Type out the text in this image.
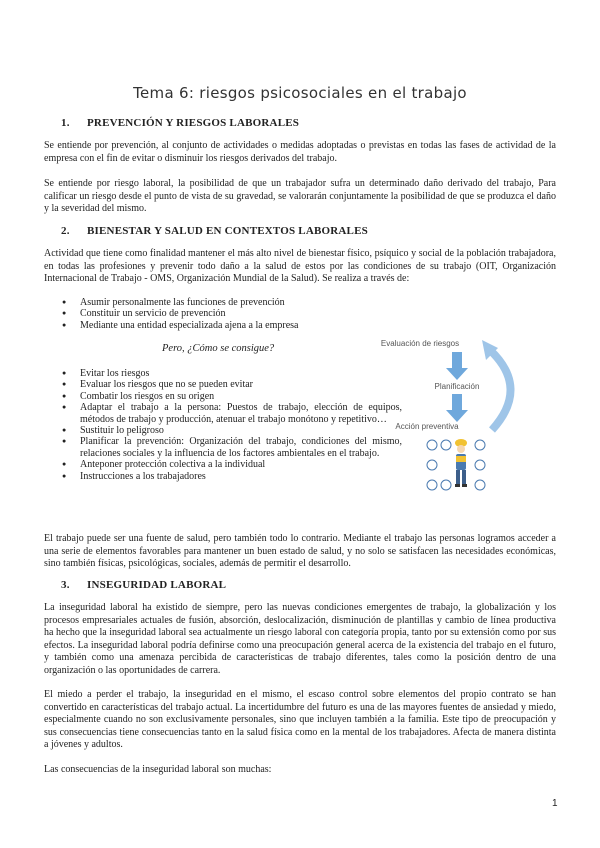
Tema 6: riesgos psicosociales en el trabajo
1. PREVENCIÓN Y RIESGOS LABORALES

Se entiende por prevención, al conjunto de actividades o medidas adoptadas o previstas en todas las fases de actividad de la empresa con el fin de evitar o disminuir los riesgos derivados del trabajo.

Se entiende por riesgo laboral, la posibilidad de que un trabajador sufra un determinado daño derivado del trabajo, Para calificar un riesgo desde el punto de vista de su gravedad, se valorarán conjuntamente la posibilidad de que se produzca el daño y la severidad del mismo.

2. BIENESTAR Y SALUD EN CONTEXTOS LABORALES

Actividad que tiene como finalidad mantener el más alto nivel de bienestar físico, psíquico y social de la población trabajadora, en todas las profesiones y prevenir todo daño a la salud de estos por las condiciones de su trabajo (OIT, Organización Internacional de Trabajo - OMS, Organización Mundial de la Salud). Se realiza a través de:

● Asumir personalmente las funciones de prevención
● Constituir un servicio de prevención
● Mediante una entidad especializada ajena a la empresa
Pero, ¿Cómo se consigue?
● Evitar los riesgos
● Evaluar los riesgos que no se pueden evitar
● Combatir los riesgos en su origen
● Adaptar el trabajo a la persona: Puestos de trabajo, elección de equipos, métodos de trabajo y producción, atenuar el trabajo monótono y repetitivo…
● Sustituir lo peligroso
● Planificar la prevención: Organización del trabajo, condiciones del mismo, relaciones sociales y la influencia de los factores ambientales en el trabajo.
● Anteponer protección colectiva a la individual
● Instrucciones a los trabajadores

El trabajo puede ser una fuente de salud, pero también todo lo contrario. Mediante el trabajo las personas logramos acceder a una serie de elementos favorables para mantener un buen estado de salud, y no solo se satisfacen las necesidades económicas, sino también físicas, psicológicas, sociales, además de permitir el desarrollo.

3. INSEGURIDAD LABORAL

La inseguridad laboral ha existido de siempre, pero las nuevas condiciones emergentes de trabajo, la globalización y los procesos empresariales actuales de fusión, absorción, deslocalización, disminución de plantillas y cambio de línea productiva ha hecho que la inseguridad laboral sea actualmente un riesgo laboral con categoría propia, tanto por su extensión como por sus efectos. La inseguridad laboral podría definirse como una preocupación general acerca de la existencia del trabajo en el futuro, y también como una amenaza percibida de características de trabajo diferentes, tales como la posición dentro de una organización o las oportunidades de carrera.

El miedo a perder el trabajo, la inseguridad en el mismo, el escaso control sobre elementos del propio contrato se han convertido en características del trabajo actual. La incertidumbre del futuro es una de las mayores fuentes de ansiedad y miedo, especialmente cuando no son exclusivamente personales, sino que incluyen también a la familia. Este tipo de preocupación y sus consecuencias tiene consecuencias tanto en la salud física como en la mental de los trabajadores. Afecta de manera distinta a jóvenes y adultos.

Las consecuencias de la inseguridad laboral son muchas:

Evaluación de riesgos
Planificación
Acción preventiva
1
